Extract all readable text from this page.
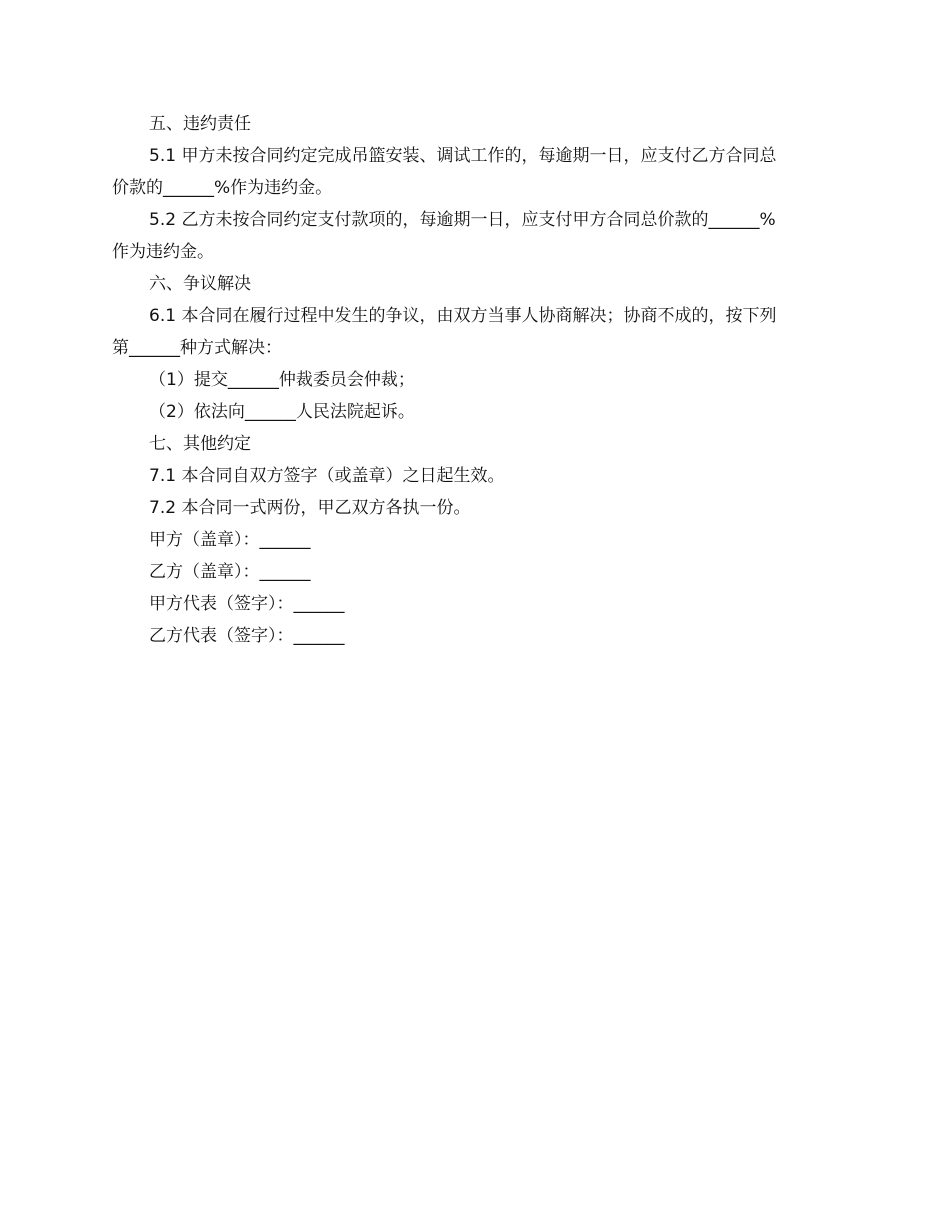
五、违约责任
5.1 甲方未按合同约定完成吊篮安装、调试工作的，每逾期一日，应支付乙方合同总
价款的______%作为违约金。
5.2 乙方未按合同约定支付款项的，每逾期一日，应支付甲方合同总价款的______%
作为违约金。
六、争议解决
6.1 本合同在履行过程中发生的争议，由双方当事人协商解决；协商不成的，按下列
第______种方式解决：
（1）提交______仲裁委员会仲裁；
（2）依法向______人民法院起诉。
七、其他约定
7.1 本合同自双方签字（或盖章）之日起生效。
7.2 本合同一式两份，甲乙双方各执一份。
甲方（盖章）：______
乙方（盖章）：______
甲方代表（签字）：______
乙方代表（签字）：______
